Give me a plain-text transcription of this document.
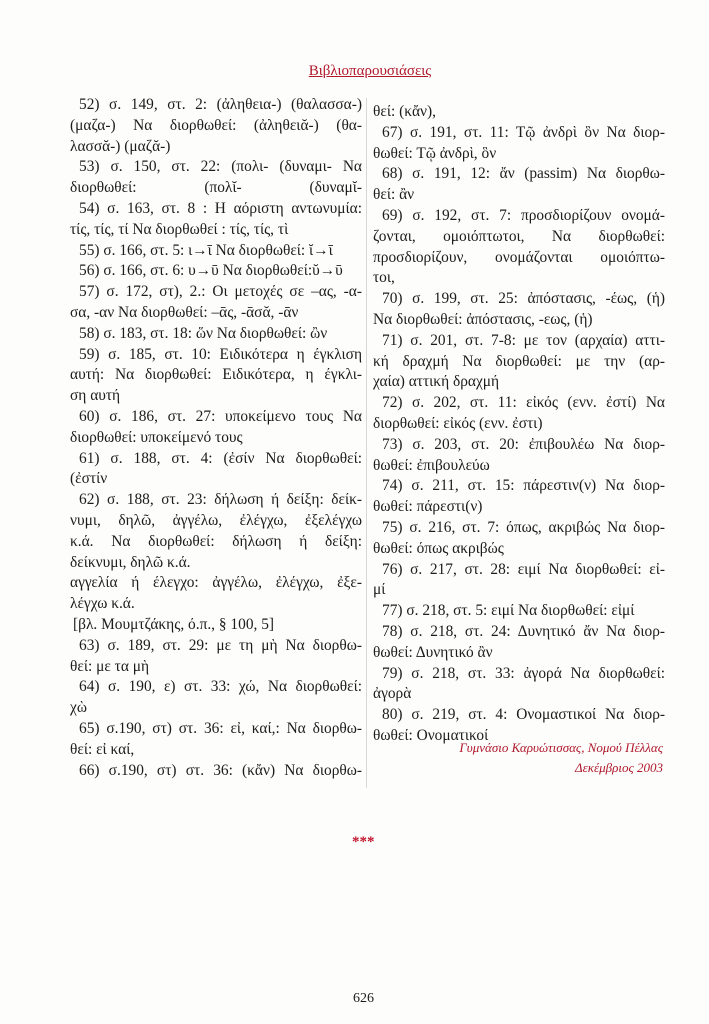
Βιβλιοπαρουσιάσεις
52) σ. 149, στ. 2: (ἀληθεια-) (θαλασσα-)
(μαζα-) Να διορθωθεί: (ἀληθειᾰ-) (θα-
λασσᾰ-) (μαζᾰ-)
53) σ. 150, στ. 22: (πολι- (δυναμι- Να
διορθωθεί: (πολῐ- (δυναμῐ-
54) σ. 163, στ. 8 : Η αόριστη αντωνυμία:
τίς, τίς, τί Να διορθωθεί : τίς, τίς, τὶ
55) σ. 166, στ. 5: ι→ῑ Να διορθωθεί: ῐ→ῑ
56) σ. 166, στ. 6: υ→ῡ Να διορθωθεί:ῠ→ῡ
57) σ. 172, στ), 2.: Οι μετοχές σε –ας, -α-
σα, -αν Να διορθωθεί: –ᾱς, -ᾱσᾰ, -ᾱν
58) σ. 183, στ. 18: ὥν Να διορθωθεί: ὢν
59) σ. 185, στ. 10: Ειδικότερα η έγκλιση
αυτή: Να διορθωθεί: Ειδικότερα, η έγκλι-
ση αυτή
60) σ. 186, στ. 27: υποκείμενο τους Να
διορθωθεί: υποκείμενό τους
61) σ. 188, στ. 4: (ἐσίν Να διορθωθεί:
(ἐστίν
62) σ. 188, στ. 23: δήλωση ή δείξη: δείκ-
νυμι, δηλῶ, ἀγγέλω, ἐλέγχω, ἐξελέγχω
κ.ά. Να διορθωθεί: δήλωση ή δείξη:
δείκνυμι, δηλῶ κ.ά.
αγγελία ή έλεγχο: ἀγγέλω, ἐλέγχω, ἐξε-
λέγχω κ.ά.
[βλ. Μουμτζάκης, ό.π., § 100, 5]
63) σ. 189, στ. 29: με τη μὴ Να διορθω-
θεί: με τα μὴ
64) σ. 190, ε) στ. 33: χώ, Να διορθωθεί:
χὼ
65) σ.190, στ) στ. 36: εἰ, καί,: Να διορθω-
θεί: εἰ καί,
66) σ.190, στ) στ. 36: (κἄν) Να διορθω-
θεί: (κἄν),
67) σ. 191, στ. 11: Τῷ ἀνδρὶ ὃν Να διορ-
θωθεί: Τῷ ἀνδρὶ, ὃν
68) σ. 191, 12: ἄν (passim) Να διορθω-
θεί: ἂν
69) σ. 192, στ. 7: προσδιορίζουν ονομά-
ζονται, ομοιόπτωτοι, Να διορθωθεί:
προσδιορίζουν, ονομάζονται ομοιόπτω-
τοι,
70) σ. 199, στ. 25: ἀπόστασις, -έως, (ἡ)
Να διορθωθεί: ἀπόστασις, -εως, (ἡ)
71) σ. 201, στ. 7-8: με τον (αρχαία) αττι-
κή δραχμή Να διορθωθεί: με την (αρ-
χαία) αττική δραχμή
72) σ. 202, στ. 11: εἰκός (ενν. ἐστί) Να
διορθωθεί: εἰκός (ενν. ἐστι)
73) σ. 203, στ. 20: ἐπιβουλέω Να διορ-
θωθεί: ἐπιβουλεύω
74) σ. 211, στ. 15: πάρεστιν(ν) Να διορ-
θωθεί: πάρεστι(ν)
75) σ. 216, στ. 7: όπως, ακριβώς Να διορ-
θωθεί: όπως ακριβώς
76) σ. 217, στ. 28: ειμί Να διορθωθεί: εἰ-
μί
77) σ. 218, στ. 5: ειμί Να διορθωθεί: εἰμί
78) σ. 218, στ. 24: Δυνητικό ἄν Να διορ-
θωθεί: Δυνητικό ἂν
79) σ. 218, στ. 33: ἀγορά Να διορθωθεί:
ἀγορὰ
80) σ. 219, στ. 4: Ονομαστικοί Να διορ-
θωθεί: Ονοματικοί
Γυμνάσιο Καρυώτισσας, Νομού Πέλλας
Δεκέμβριος 2003
***
626
